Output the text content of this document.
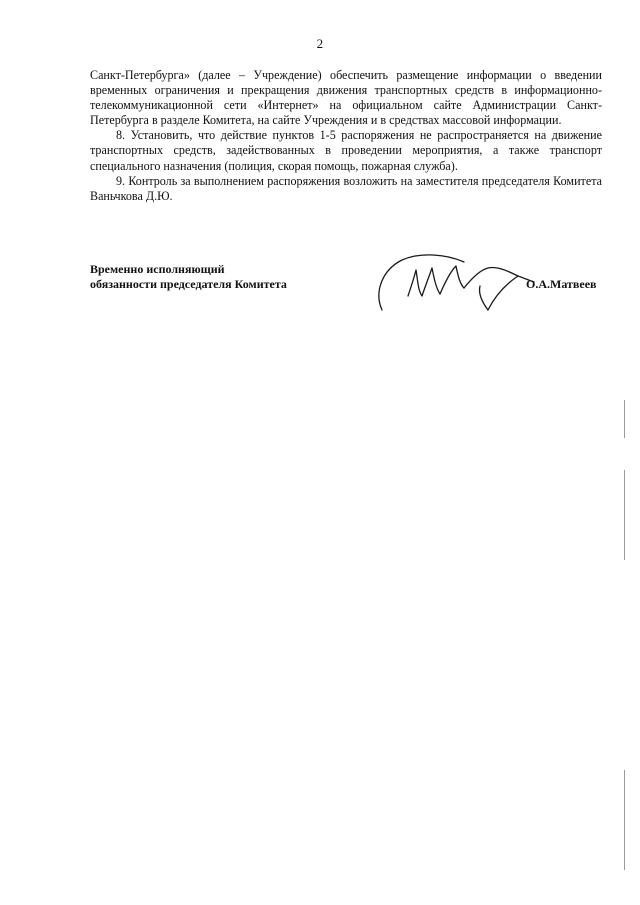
2

Санкт-Петербурга» (далее – Учреждение) обеспечить размещение информации о введении временных ограничения и прекращения движения транспортных средств в информационно-телекоммуникационной сети «Интернет» на официальном сайте Администрации Санкт-Петербурга в разделе Комитета, на сайте Учреждения и в средствах массовой информации.

8. Установить, что действие пунктов 1-5 распоряжения не распространяется на движение транспортных средств, задействованных в проведении мероприятия, а также транспорт специального назначения (полиция, скорая помощь, пожарная служба).

9. Контроль за выполнением распоряжения возложить на заместителя председателя Комитета Ваньчкова Д.Ю.

Временно исполняющий
обязанности председателя Комитета	О.А.Матвеев
